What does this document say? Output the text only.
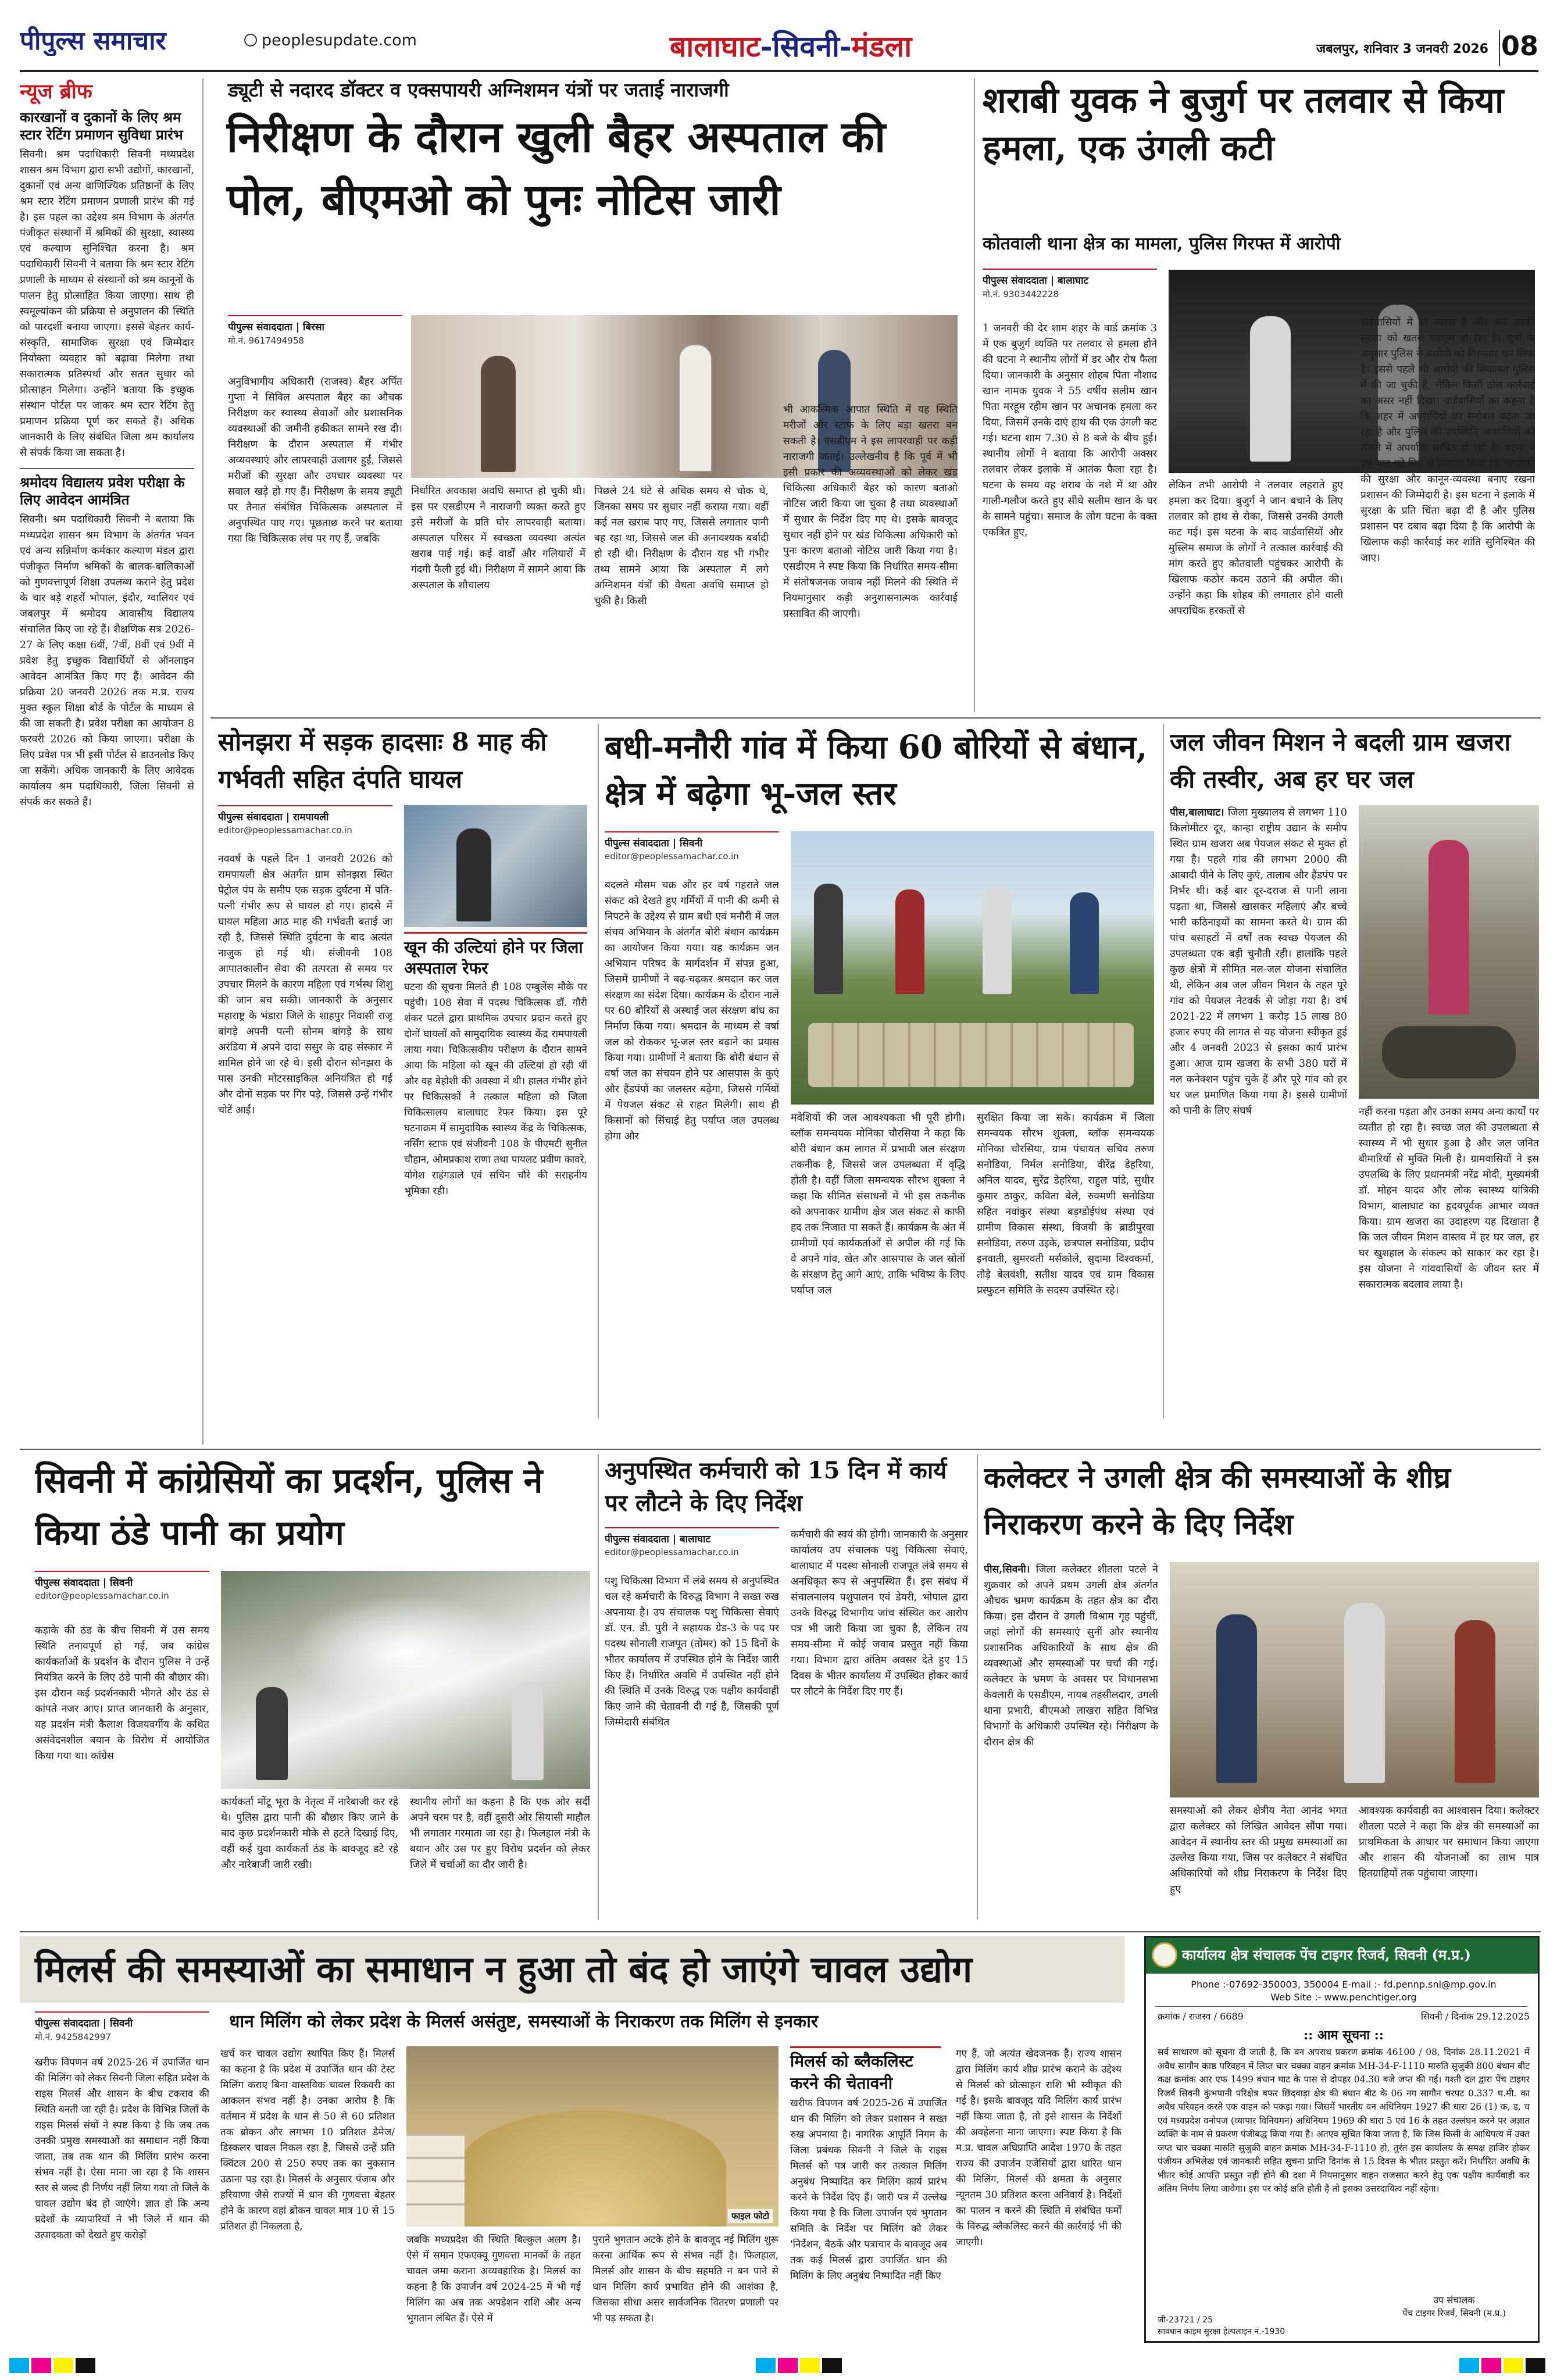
पीपुल्स समाचार	peoplesupdate.com	बालाघाट-सिवनी-मंडला	जबलपुर, शनिवार 3 जनवरी 2026 08
न्यूज ब्रीफ
कारखानों व दुकानों के लिए श्रम स्टार रेटिंग प्रमाणन सुविधा प्रारंभ
सिवनी। श्रम पदाधिकारी सिवनी मध्यप्रदेश शासन श्रम विभाग द्वारा सभी उद्योगों, कारखानों, दुकानों एवं अन्य वाणिज्यिक प्रतिष्ठानों के लिए श्रम स्टार रेटिंग प्रमाणन प्रणाली प्रारंभ की गई है। इस पहल का उद्देश्य श्रम विभाग के अंतर्गत पंजीकृत संस्थानों में श्रमिकों की सुरक्षा, स्वास्थ्य एवं कल्याण सुनिश्चित करना है। श्रम पदाधिकारी सिवनी ने बताया कि श्रम स्टार रेटिंग प्रणाली के माध्यम से संस्थानों को श्रम कानूनों के पालन हेतु प्रोत्साहित किया जाएगा। साथ ही स्वमूल्यांकन की प्रक्रिया से अनुपालन की स्थिति को पारदर्शी बनाया जाएगा। इससे बेहतर कार्य-संस्कृति, सामाजिक सुरक्षा एवं जिम्मेदार नियोक्ता व्यवहार को बढ़ावा मिलेगा तथा सकारात्मक प्रतिस्पर्धा और सतत सुधार को प्रोत्साहन मिलेगा। उन्होंने बताया कि इच्छुक संस्थान पोर्टल पर जाकर श्रम स्टार रेटिंग हेतु प्रमाणन प्रक्रिया पूर्ण कर सकते हैं। अधिक जानकारी के लिए संबंधित जिला श्रम कार्यालय से संपर्क किया जा सकता है।
श्रमोदय विद्यालय प्रवेश परीक्षा के लिए आवेदन आमंत्रित
सिवनी। श्रम पदाधिकारी सिवनी ने बताया कि मध्यप्रदेश शासन श्रम विभाग के अंतर्गत भवन एवं अन्य सन्निर्माण कर्मकार कल्याण मंडल द्वारा पंजीकृत निर्माण श्रमिकों के बालक-बालिकाओं को गुणवत्तापूर्ण शिक्षा उपलब्ध कराने हेतु प्रदेश के चार बड़े शहरों भोपाल, इंदौर, ग्वालियर एवं जबलपुर में श्रमोदय आवासीय विद्यालय संचालित किए जा रहे हैं। शैक्षणिक सत्र 2026-27 के लिए कक्षा 6वीं, 7वीं, 8वीं एवं 9वीं में प्रवेश हेतु इच्छुक विद्यार्थियों से ऑनलाइन आवेदन आमंत्रित किए गए हैं। आवेदन की प्रक्रिया 20 जनवरी 2026 तक म.प्र. राज्य मुक्त स्कूल शिक्षा बोर्ड के पोर्टल के माध्यम से की जा सकती है। प्रवेश परीक्षा का आयोजन 8 फरवरी 2026 को किया जाएगा। परीक्षा के लिए प्रवेश पत्र भी इसी पोर्टल से डाउनलोड किए जा सकेंगे। अधिक जानकारी के लिए आवेदक कार्यालय श्रम पदाधिकारी, जिला सिवनी से संपर्क कर सकते हैं।
ड्यूटी से नदारद डॉक्टर व एक्सपायरी अग्निशमन यंत्रों पर जताई नाराजगी
निरीक्षण के दौरान खुली बैहर अस्पताल की पोल, बीएमओ को पुनः नोटिस जारी
पीपुल्स संवाददाता | बिरसा
मो.नं. 9617494958
अनुविभागीय अधिकारी (राजस्व) बैहर अर्पित गुप्ता ने सिविल अस्पताल बैहर का औचक निरीक्षण कर स्वास्थ्य सेवाओं और प्रशासनिक व्यवस्थाओं की जमीनी हकीकत सामने रख दी। निरीक्षण के दौरान अस्पताल में गंभीर अव्यवस्थाएं और लापरवाही उजागर हुईं, जिससे मरीजों की सुरक्षा और उपचार व्यवस्था पर सवाल खड़े हो गए हैं। निरीक्षण के समय ड्यूटी पर तैनात संबंधित चिकित्सक अस्पताल में अनुपस्थित पाए गए। पूछताछ करने पर बताया गया कि चिकित्सक लंच पर गए हैं, जबकि
निर्धारित अवकाश अवधि समाप्त हो चुकी थी। इस पर एसडीएम ने नाराजगी व्यक्त करते हुए इसे मरीजों के प्रति घोर लापरवाही बताया। अस्पताल परिसर में स्वच्छता व्यवस्था अत्यंत खराब पाई गई। कई वार्डों और गलियारों में गंदगी फैली हुई थी। निरीक्षण में सामने आया कि अस्पताल के शौचालय
पिछले 24 घंटे से अधिक समय से चोक थे, जिनका समय पर सुधार नहीं कराया गया। वहीं कई नल खराब पाए गए, जिससे लगातार पानी बह रहा था, जिससे जल की अनावश्यक बर्बादी हो रही थी। निरीक्षण के दौरान यह भी गंभीर तथ्य सामने आया कि अस्पताल में लगे अग्निशमन यंत्रों की वैधता अवधि समाप्त हो चुकी है। किसी
भी आकस्मिक आपात स्थिति में यह स्थिति मरीजों और स्टाफ के लिए बड़ा खतरा बन सकती है। एसडीएम ने इस लापरवाही पर कड़ी नाराजगी जताई। उल्लेखनीय है कि पूर्व में भी इसी प्रकार की अव्यवस्थाओं को लेकर खंड चिकित्सा अधिकारी बैहर को कारण बताओ नोटिस जारी किया जा चुका है तथा व्यवस्थाओं में सुधार के निर्देश दिए गए थे। इसके बावजूद सुधार नहीं होने पर खंड चिकित्सा अधिकारी को पुनः कारण बताओ नोटिस जारी किया गया है। एसडीएम ने स्पष्ट किया कि निर्धारित समय-सीमा में संतोषजनक जवाब नहीं मिलने की स्थिति में नियमानुसार कड़ी अनुशासनात्मक कार्रवाई प्रस्तावित की जाएगी।
शराबी युवक ने बुजुर्ग पर तलवार से किया हमला, एक उंगली कटी
कोतवाली थाना क्षेत्र का मामला, पुलिस गिरफ्त में आरोपी
पीपुल्स संवाददाता | बालाघाट
मो.नं. 9303442228
1 जनवरी की देर शाम शहर के वार्ड क्रमांक 3 में एक बुजुर्ग व्यक्ति पर तलवार से हमला होने की घटना ने स्थानीय लोगों में डर और रोष फैला दिया। जानकारी के अनुसार शोहब पिता नौशाद खान नामक युवक ने 55 वर्षीय सलीम खान पिता मरहूम रहीम खान पर अचानक हमला कर दिया, जिसमें उनके दाएं हाथ की एक उंगली कट गई। घटना शाम 7.30 से 8 बजे के बीच हुई। स्थानीय लोगों ने बताया कि आरोपी अक्सर तलवार लेकर इलाके में आतंक फैला रहा है। घटना के समय वह शराब के नशे में था और गाली-गलौज करते हुए सीधे सलीम खान के घर के सामने पहुंचा। समाज के लोग घटना के वक्त एकत्रित हुए,
लेकिन तभी आरोपी ने तलवार लहराते हुए हमला कर दिया। बुजुर्ग ने जान बचाने के लिए तलवार को हाथ से रोका, जिससे उनकी उंगली कट गई। इस घटना के बाद वार्डवासियों और मुस्लिम समाज के लोगों ने तत्काल कार्रवाई की मांग करते हुए कोतवाली पहुंचकर आरोपी के खिलाफ कठोर कदम उठाने की अपील की। उन्होंने कहा कि शोहब की लगातार होने वाली अपराधिक हरकतों से
वार्डवासियों में डर व्याप्त है और अब उनकी सुरक्षा को खतरा महसूस हो रहा है। सूत्रों के अनुसार पुलिस ने आरोपी को गिरफ्तार कर लिया है। इससे पहले भी आरोपी की शिकायत पुलिस में की जा चुकी है, लेकिन किसी ठोस कार्रवाई का असर नहीं दिखा। वार्डवासियों का कहना है कि शहर में अपराधियों का मनोबल बढ़ता जा रहा है और पुलिस की उपस्थिति अपराधियों को रोकने में अपर्याप्त साबित हो रही है। घटना ने इस बात को फिर से उजागर किया कि नागरिकों की सुरक्षा और कानून-व्यवस्था बनाए रखना प्रशासन की जिम्मेदारी है। इस घटना ने इलाके में सुरक्षा के प्रति चिंता बढ़ा दी है और पुलिस प्रशासन पर दबाव बढ़ा दिया है कि आरोपी के खिलाफ कड़ी कार्रवाई कर शांति सुनिश्चित की जाए।
सोनझरा में सड़क हादसाः 8 माह की गर्भवती सहित दंपति घायल
पीपुल्स संवाददाता | रामपायली
editor@peoplessamachar.co.in
नववर्ष के पहले दिन 1 जनवरी 2026 को रामपायली क्षेत्र अंतर्गत ग्राम सोनझरा स्थित पेट्रोल पंप के समीप एक सड़क दुर्घटना में पति-पत्नी गंभीर रूप से घायल हो गए। हादसे में घायल महिला आठ माह की गर्भवती बताई जा रही है, जिससे स्थिति दुर्घटना के बाद अत्यंत नाजुक हो गई थी। संजीवनी 108 आपातकालीन सेवा की तत्परता से समय पर उपचार मिलने के कारण महिला एवं गर्भस्थ शिशु की जान बच सकी। जानकारी के अनुसार महाराष्ट्र के भंडारा जिले के शाहपुर निवासी राजू बांगड़े अपनी पत्नी सोनम बांगड़े के साथ अरंडिया में अपने दादा ससुर के दाह संस्कार में शामिल होने जा रहे थे। इसी दौरान सोनझरा के पास उनकी मोटरसाइकिल अनियंत्रित हो गई और दोनों सड़क पर गिर पड़े, जिससे उन्हें गंभीर चोटें आईं।
खून की उल्टियां होने पर जिला अस्पताल रेफर
घटना की सूचना मिलते ही 108 एम्बुलेंस मौके पर पहुंची। 108 सेवा में पदस्थ चिकित्सक डॉ. गौरी शंकर पटले द्वारा प्राथमिक उपचार प्रदान करते हुए दोनों घायलों को सामुदायिक स्वास्थ्य केंद्र रामपायली लाया गया। चिकित्सकीय परीक्षण के दौरान सामने आया कि महिला को खून की उल्टियां हो रही थीं और वह बेहोशी की अवस्था में थी। हालत गंभीर होने पर चिकित्सकों ने तत्काल महिला को जिला चिकित्सालय बालाघाट रेफर किया। इस पूरे घटनाक्रम में सामुदायिक स्वास्थ्य केंद्र के चिकित्सक, नर्सिंग स्टाफ एवं संजीवनी 108 के पीएमटी सुनील चौहान, ओमप्रकाश राणा तथा पायलट प्रवीण कावरे, योगेश राहंगडाले एवं सचिन चौरे की सराहनीय भूमिका रही।
बधी-मनौरी गांव में किया 60 बोरियों से बंधान, क्षेत्र में बढ़ेगा भू-जल स्तर
पीपुल्स संवाददाता | सिवनी
editor@peoplessamachar.co.in
बदलते मौसम चक्र और हर वर्ष गहराते जल संकट को देखते हुए गर्मियों में पानी की कमी से निपटने के उद्देश्य से ग्राम बधी एवं मनौरी में जल संचय अभियान के अंतर्गत बोरी बंधान कार्यक्रम का आयोजन किया गया। यह कार्यक्रम जन अभियान परिषद के मार्गदर्शन में संपन्न हुआ, जिसमें ग्रामीणों ने बढ़-चढ़कर श्रमदान कर जल संरक्षण का संदेश दिया। कार्यक्रम के दौरान नाले पर 60 बोरियों से अस्थाई जल संरक्षण बांध का निर्माण किया गया। श्रमदान के माध्यम से वर्षा जल को रोककर भू-जल स्तर बढ़ाने का प्रयास किया गया। ग्रामीणों ने बताया कि बोरी बंधान से वर्षा जल का संचयन होने पर आसपास के कुएं और हैंडपंपों का जलस्तर बढ़ेगा, जिससे गर्मियों में पेयजल संकट से राहत मिलेगी। साथ ही किसानों को सिंचाई हेतु पर्याप्त जल उपलब्ध होगा और
मवेशियों की जल आवश्यकता भी पूरी होगी। ब्लॉक समन्वयक मोनिका चौरसिया ने कहा कि बोरी बंधान कम लागत में प्रभावी जल संरक्षण तकनीक है, जिससे जल उपलब्धता में वृद्धि होती है। वहीं जिला समन्वयक सौरभ शुक्ला ने कहा कि सीमित संसाधनों में भी इस तकनीक को अपनाकर ग्रामीण क्षेत्र जल संकट से काफी हद तक निजात पा सकते हैं। कार्यक्रम के अंत में ग्रामीणों एवं कार्यकर्ताओं से अपील की गई कि वे अपने गांव, खेत और आसपास के जल स्रोतों के संरक्षण हेतु आगे आएं, ताकि भविष्य के लिए पर्याप्त जल
सुरक्षित किया जा सके। कार्यक्रम में जिला समन्वयक सौरभ शुक्ला, ब्लॉक समन्वयक मोनिका चौरसिया, ग्राम पंचायत सचिव तरुण सनोडिया, निर्मल सनोडिया, वीरेंद्र डेहरिया, अनिल यादव, सुरेंद्र डेहरिया, राहुल पांडे, सुधीर कुमार ठाकुर, कविता बेले, रुक्मणी सनोडिया सहित नवांकुर संस्था बड़ग्डोईपंथ संस्था एवं ग्रामीण विकास संस्था, विजयी के ब्राडीपुरवा सनोडिया, तरुण उइके, छत्रपाल सनोडिया, प्रदीप इनवाती, सुमरवती मर्सकोले, सुदामा विश्वकर्मा, तोड़े बेलवंशी, सतीश यादव एवं ग्राम विकास प्रस्फुटन समिति के सदस्य उपस्थित रहे।
जल जीवन मिशन ने बदली ग्राम खजरा की तस्वीर, अब हर घर जल
पीस,बालाघाट। जिला मुख्यालय से लगभग 110 किलोमीटर दूर, कान्हा राष्ट्रीय उद्यान के समीप स्थित ग्राम खजरा अब पेयजल संकट से मुक्त हो गया है। पहले गांव की लगभग 2000 की आबादी पीने के लिए कुएं, तालाब और हैंडपंप पर निर्भर थी। कई बार दूर-दराज से पानी लाना पड़ता था, जिससे खासकर महिलाएं और बच्चे भारी कठिनाइयों का सामना करते थे। ग्राम की पांच बसाहटों में वर्षों तक स्वच्छ पेयजल की उपलब्धता एक बड़ी चुनौती रही। हालांकि पहले कुछ क्षेत्रों में सीमित नल-जल योजना संचालित थी, लेकिन अब जल जीवन मिशन के तहत पूरे गांव को पेयजल नेटवर्क से जोड़ा गया है। वर्ष 2021-22 में लगभग 1 करोड़ 15 लाख 80 हजार रुपए की लागत से यह योजना स्वीकृत हुई और 4 जनवरी 2023 से इसका कार्य प्रारंभ हुआ। आज ग्राम खजरा के सभी 380 घरों में नल कनेक्शन पहुंच चुके हैं और पूरे गांव को हर घर जल प्रमाणित किया गया है। इससे ग्रामीणों को पानी के लिए संघर्ष	नहीं करना पड़ता और उनका समय अन्य कार्यों पर व्यतीत हो रहा है। स्वच्छ जल की उपलब्धता से स्वास्थ्य में भी सुधार हुआ है और जल जनित बीमारियों से मुक्ति मिली है। ग्रामवासियों ने इस उपलब्धि के लिए प्रधानमंत्री नरेंद्र मोदी, मुख्यमंत्री डॉ. मोहन यादव और लोक स्वास्थ्य यांत्रिकी विभाग, बालाघाट का हृदयपूर्वक आभार व्यक्त किया। ग्राम खजरा का उदाहरण यह दिखाता है कि जल जीवन मिशन वास्तव में हर घर जल, हर घर खुशहाल के संकल्प को साकार कर रहा है। इस योजना ने गांववासियों के जीवन स्तर में सकारात्मक बदलाव लाया है।
सिवनी में कांग्रेसियों का प्रदर्शन, पुलिस ने किया ठंडे पानी का प्रयोग
पीपुल्स संवाददाता | सिवनी
editor@peoplessamachar.co.in
कड़ाके की ठंड के बीच सिवनी में उस समय स्थिति तनावपूर्ण हो गई, जब कांग्रेस कार्यकर्ताओं के प्रदर्शन के दौरान पुलिस ने उन्हें नियंत्रित करने के लिए ठंडे पानी की बौछार की। इस दौरान कई प्रदर्शनकारी भीगते और ठंड से कांपते नजर आए। प्राप्त जानकारी के अनुसार, यह प्रदर्शन मंत्री कैलाश विजयवर्गीय के कथित असंवेदनशील बयान के विरोध में आयोजित किया गया था। कांग्रेस
कार्यकर्ता मोंटू भूरा के नेतृत्व में नारेबाजी कर रहे थे। पुलिस द्वारा पानी की बौछार किए जाने के बाद कुछ प्रदर्शनकारी मौके से हटते दिखाई दिए, वहीं कई युवा कार्यकर्ता ठंड के बावजूद डटे रहे और नारेबाजी जारी रखी।
स्थानीय लोगों का कहना है कि एक ओर सर्दी अपने चरम पर है, वहीं दूसरी ओर सियासी माहौल भी लगातार गरमाता जा रहा है। फिलहाल मंत्री के बयान और उस पर हुए विरोध प्रदर्शन को लेकर जिले में चर्चाओं का दौर जारी है।
अनुपस्थित कर्मचारी को 15 दिन में कार्य पर लौटने के दिए निर्देश
पीपुल्स संवाददाता | बालाघाट
editor@peoplessamachar.co.in
पशु चिकित्सा विभाग में लंबे समय से अनुपस्थित चल रहे कर्मचारी के विरुद्ध विभाग ने सख्त रुख अपनाया है। उप संचालक पशु चिकित्सा सेवाएं डॉ. एन. डी. पुरी ने सहायक ग्रेड-3 के पद पर पदस्थ सोनाली राजपूत (तोमर) को 15 दिनों के भीतर कार्यालय में उपस्थित होने के निर्देश जारी किए हैं। निर्धारित अवधि में उपस्थित नहीं होने की स्थिति में उनके विरुद्ध एक पक्षीय कार्यवाही किए जाने की चेतावनी दी गई है, जिसकी पूर्ण जिम्मेदारी संबंधित
कर्मचारी की स्वयं की होगी। जानकारी के अनुसार कार्यालय उप संचालक पशु चिकित्सा सेवाएं, बालाघाट में पदस्थ सोनाली राजपूत लंबे समय से अनधिकृत रूप से अनुपस्थित हैं। इस संबंध में संचालनालय पशुपालन एवं डेयरी, भोपाल द्वारा उनके विरुद्ध विभागीय जांच संस्थित कर आरोप पत्र भी जारी किया जा चुका है, लेकिन तय समय-सीमा में कोई जवाब प्रस्तुत नहीं किया गया। विभाग द्वारा अंतिम अवसर देते हुए 15 दिवस के भीतर कार्यालय में उपस्थित होकर कार्य पर लौटने के निर्देश दिए गए हैं।
कलेक्टर ने उगली क्षेत्र की समस्याओं के शीघ्र निराकरण करने के दिए निर्देश
पीस,सिवनी। जिला कलेक्टर शीतला पटले ने शुक्रवार को अपने प्रथम उगली क्षेत्र अंतर्गत औचक भ्रमण कार्यक्रम के तहत क्षेत्र का दौरा किया। इस दौरान वे उगली विश्राम गृह पहुंचीं, जहां लोगों की समस्याएं सुनीं और स्थानीय प्रशासनिक अधिकारियों के साथ क्षेत्र की व्यवस्थाओं और समस्याओं पर चर्चा की गई। कलेक्टर के भ्रमण के अवसर पर विधानसभा केवलारी के एसडीएम, नायब तहसीलदार, उगली थाना प्रभारी, बीएमओ लाखरा सहित विभिन्न विभागों के अधिकारी उपस्थित रहे। निरीक्षण के दौरान क्षेत्र की
समस्याओं को लेकर क्षेत्रीय नेता आनंद भगत द्वारा कलेक्टर को लिखित आवेदन सौंपा गया। आवेदन में स्थानीय स्तर की प्रमुख समस्याओं का उल्लेख किया गया, जिस पर कलेक्टर ने संबंधित अधिकारियों को शीघ्र निराकरण के निर्देश दिए हुए
आवश्यक कार्यवाही का आश्वासन दिया। कलेक्टर शीतला पटले ने कहा कि क्षेत्र की समस्याओं का प्राथमिकता के आधार पर समाधान किया जाएगा और शासन की योजनाओं का लाभ पात्र हितग्राहियों तक पहुंचाया जाएगा।
मिलर्स की समस्याओं का समाधान न हुआ तो बंद हो जाएंगे चावल उद्योग
पीपुल्स संवाददाता | सिवनी
मो.नं. 9425842997
धान मिलिंग को लेकर प्रदेश के मिलर्स असंतुष्ट, समस्याओं के निराकरण तक मिलिंग से इनकार
खरीफ विपणन वर्ष 2025-26 में उपार्जित धान की मिलिंग को लेकर सिवनी जिला सहित प्रदेश के राइस मिलर्स और शासन के बीच टकराव की स्थिति बनती जा रही है। प्रदेश के विभिन्न जिलों के राइस मिलर्स संघों ने स्पष्ट किया है कि जब तक उनकी प्रमुख समस्याओं का समाधान नहीं किया जाता, तब तक धान की मिलिंग प्रारंभ करना संभव नहीं है। ऐसा माना जा रहा है कि शासन स्तर से जल्द ही निर्णय नहीं लिया गया तो जिले के चावल उद्योग बंद हो जाएंगे। ज्ञात हो कि अन्य प्रदेशों के व्यापारियों ने भी जिले में धान की उत्पादकता को देखते हुए करोड़ों
खर्च कर चावल उद्योग स्थापित किए हैं। मिलर्स का कहना है कि प्रदेश में उपार्जित धान की टेस्ट मिलिंग कराए बिना वास्तविक चावल रिकवरी का आकलन संभव नहीं है। उनका आरोप है कि वर्तमान में प्रदेश के धान से 50 से 60 प्रतिशत तक ब्रोकन और लगभग 10 प्रतिशत डैमेज/डिस्कलर चावल निकल रहा है, जिससे उन्हें प्रति क्विंटल 200 से 250 रुपए तक का नुकसान उठाना पड़ रहा है। मिलर्स के अनुसार पंजाब और हरियाणा जैसे राज्यों में धान की गुणवत्ता बेहतर होने के कारण वहां ब्रोकन चावल मात्र 10 से 15 प्रतिशत ही निकलता है,
फाइल फोटो
जबकि मध्यप्रदेश की स्थिति बिल्कुल अलग है। ऐसे में समान एफएक्यू गुणवत्ता मानकों के तहत चावल जमा कराना अव्यवहारिक है। मिलर्स का कहना है कि उपार्जन वर्ष 2024-25 में भी गई मिलिंग का अब तक अपडेशन राशि और अन्य भुगतान लंबित हैं। ऐसे में
पुराने भुगतान अटके होने के बावजूद नई मिलिंग शुरू करना आर्थिक रूप से संभव नहीं है। फिलहाल, मिलर्स और शासन के बीच सहमति न बन पाने से धान मिलिंग कार्य प्रभावित होने की आशंका है, जिसका सीधा असर सार्वजनिक वितरण प्रणाली पर भी पड़ सकता है।
मिलर्स को ब्लैकलिस्ट करने की चेतावनी
खरीफ विपणन वर्ष 2025-26 में उपार्जित धान की मिलिंग को लेकर प्रशासन ने सख्त रुख अपनाया है। नागरिक आपूर्ति निगम के जिला प्रबंधक सिवनी ने जिले के राइस मिलर्स को पत्र जारी कर तत्काल मिलिंग अनुबंध निष्पादित कर मिलिंग कार्य प्रारंभ करने के निर्देश दिए हैं। जारी पत्र में उल्लेख किया गया है कि जिला उपार्जन एवं भुगतान समिति के निर्देश पर मिलिंग को लेकर 'निर्देशन, बैठकें और पत्राचार के बावजूद अब तक कई मिलर्स द्वारा उपार्जित धान की मिलिंग के लिए अनुबंध निष्पादित नहीं किए
गए हैं, जो अत्यंत खेदजनक है। राज्य शासन द्वारा मिलिंग कार्य शीघ्र प्रारंभ कराने के उद्देश्य से मिलर्स को प्रोत्साहन राशि भी स्वीकृत की गई है। इसके बावजूद यदि मिलिंग कार्य प्रारंभ नहीं किया जाता है, तो इसे शासन के निर्देशों की अवहेलना माना जाएगा। स्पष्ट किया है कि म.प्र. चावल अधिप्राप्ति आदेश 1970 के तहत राज्य की उपार्जन एजेंसियों द्वारा धारित धान की मिलिंग, मिलर्स की क्षमता के अनुसार न्यूनतम 30 प्रतिशत करना अनिवार्य है। निर्देशों का पालन न करने की स्थिति में संबंधित फर्मों के विरुद्ध ब्लैकलिस्ट करने की कार्रवाई भी की जाएगी।
कार्यालय क्षेत्र संचालक पेंच टाइगर रिजर्व, सिवनी (म.प्र.)
Phone :-07692-350003, 350004 E-mail :- fd.pennp.sni@mp.gov.in
Web Site :- www.penchtiger.org
क्रमांक / राजस्व / 6689	सिवनी / दिनांक 29.12.2025
:: आम सूचना ::
सर्व साधारण को सूचना दी जाती है, कि वन अपराध प्रकरण क्रमांक 46100 / 08, दिनांक 28.11.2021 में अवैध सागौन काष्ठ परिवहन में लिप्त चार चक्का वाहन क्रमांक MH-34-F-1110 मारुति सुजुकी 800 बंधान बीट कक्ष क्रमांक आर एफ 1499 बंधान घाट के पास से दोपहर 04.30 बजे जप्त की गई। गश्ती दल द्वारा पेंच टाइगर रिजर्व सिवनी कुंभपानी परिक्षेत्र बफर छिंदवाड़ा क्षेत्र की बंधान बीट के 06 नग सागौन चरपट 0.337 घ.मी. का अवैध परिवहन करते एक वाहन को पकड़ा गया। जिसमें भारतीय वन अधिनियम 1927 की धारा 26 (1) क, ड, च एवं मध्यप्रदेश वनोपज (व्यापार विनियमन) अधिनियम 1969 की धारा 5 एवं 16 के तहत उल्लंघन करने पर अज्ञात व्यक्ति के नाम से प्रकरण पंजीबद्ध किया गया है। अतएव सूचित किया जाता है, कि जिस किसी के आधिपत्य में उक्त जप्त चार चक्का मारुति सुजुकी वाहन क्रमांक MH-34-F-1110 हो, तुरंत इस कार्यालय के समक्ष हाजिर होकर पंजीयन अभिलेख एवं जानकारी सहित सूचना प्राप्ति दिनांक से 15 दिवस के भीतर प्रस्तुत करें। निर्धारित अवधि के भीतर कोई आपत्ति प्रस्तुत नहीं होने की दशा में नियमानुसार वाहन राजसात करने हेतु एक पक्षीय कार्यवाही कर अंतिम निर्णय लिया जावेगा। इस पर कोई क्षति होती है तो इसका उत्तरदायित्व नहीं रहेगा।
उप संचालक
पेंच टाइगर रिजर्व, सिवनी (म.प्र.)
जी-23721 / 25
सावधान काइम सुरक्षा हेल्पलाइन नं.-1930
